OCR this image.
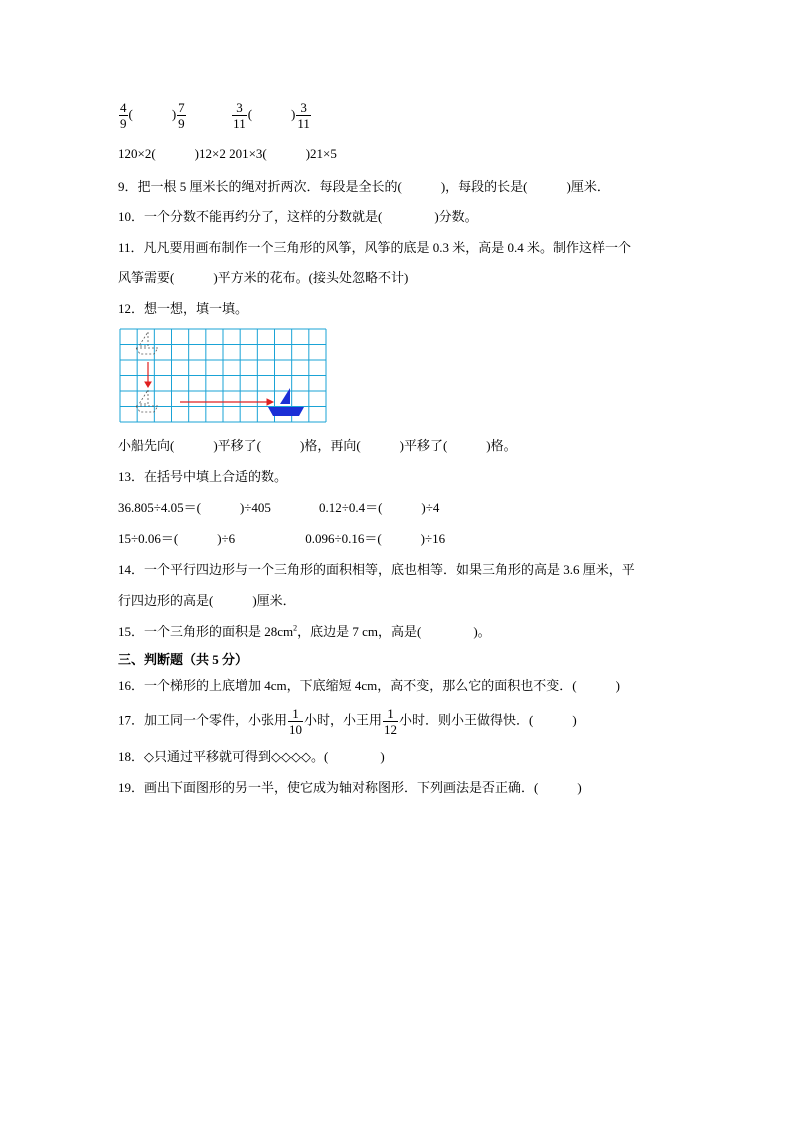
$\frac{4}{9}$ (　　　) $\frac{7}{9}$
	$\frac{3}{11}$ (　　　) $\frac{3}{11}$
120×2(　　　)12×2 201×3(　　　)21×5
9．把一根 5 厘米长的绳对折两次．每段是全长的(　　　)，每段的长是(　　　)厘米．
10．一个分数不能再约分了，这样的分数就是(　　　　)分数。
11．凡凡要用画布制作一个三角形的风筝，风筝的底是 0.3 米，高是 0.4 米。制作这样一个
风筝需要(　　　)平方米的花布。(接头处忽略不计)
12．想一想，填一填。
小船先向(　　　)平移了(　　　)格，再向(　　　)平移了(　　　)格。
13．在括号中填上合适的数。
36.805÷4.05＝(　　　)÷405	0.12÷0.4＝(　　　)÷4
15÷0.06＝(　　　)÷6	0.096÷0.16＝(　　　)÷16
14．一个平行四边形与一个三角形的面积相等，底也相等．如果三角形的高是 3.6 厘米，平
行四边形的高是(　　　)厘米．
15．一个三角形的面积是 $28cm^2$，底边是 7 cm，高是(　　　　)。
三、判断题（共 5 分）
16．一个梯形的上底增加 4cm，下底缩短 4cm，高不变，那么它的面积也不变．(　　　)
17．加工同一个零件，小张用 $\frac{1}{10}$ 小时，小王用 $\frac{1}{12}$ 小时．则小王做得快．(　　　)
18．◇只通过平移就可得到◇◇◇◇。(　　　　)
19．画出下面图形的另一半，使它成为轴对称图形．下列画法是否正确．(　　　)
